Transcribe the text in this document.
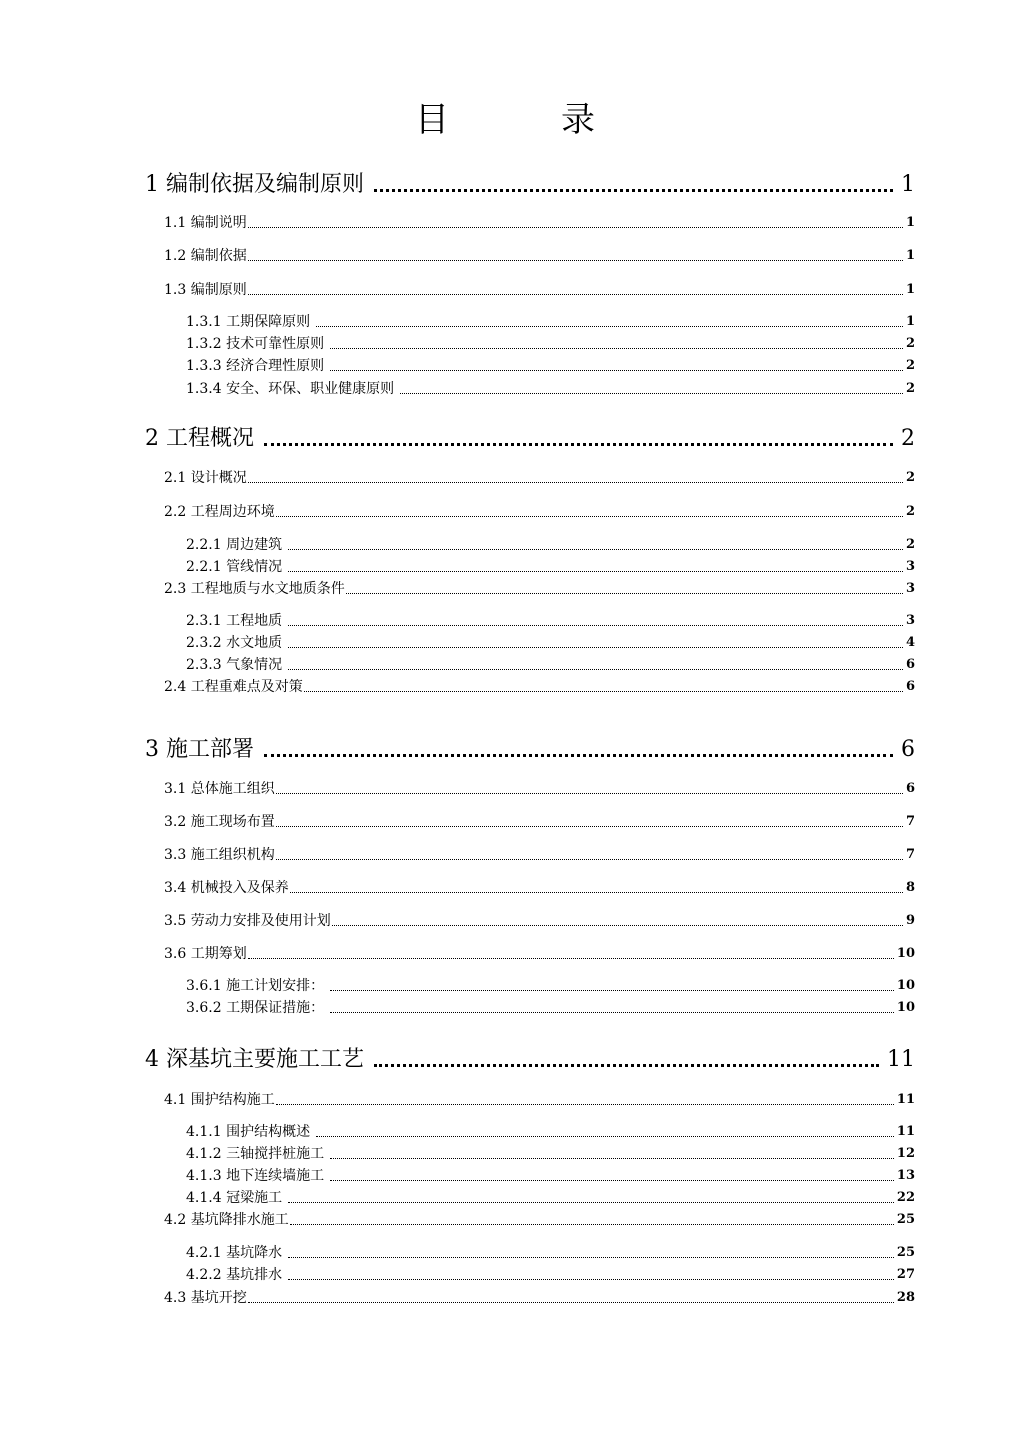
目	录
1 编制依据及编制原则	1
1.1 编制说明	1
1.2 编制依据	1
1.3 编制原则	1
1.3.1 工期保障原则	1
1.3.2 技术可靠性原则	2
1.3.3 经济合理性原则	2
1.3.4 安全、环保、职业健康原则	2
2 工程概况	2
2.1 设计概况	2
2.2 工程周边环境	2
2.2.1 周边建筑	2
2.2.1 管线情况	3
2.3 工程地质与水文地质条件	3
2.3.1 工程地质	3
2.3.2 水文地质	4
2.3.3 气象情况	6
2.4 工程重难点及对策	6
3 施工部署	6
3.1 总体施工组织	6
3.2 施工现场布置	7
3.3 施工组织机构	7
3.4 机械投入及保养	8
3.5 劳动力安排及使用计划	9
3.6 工期筹划	10
3.6.1 施工计划安排：	10
3.6.2 工期保证措施：	10
4 深基坑主要施工工艺	11
4.1 围护结构施工	11
4.1.1 围护结构概述	11
4.1.2 三轴搅拌桩施工	12
4.1.3 地下连续墙施工	13
4.1.4 冠梁施工	22
4.2 基坑降排水施工	25
4.2.1 基坑降水	25
4.2.2 基坑排水	27
4.3 基坑开挖	28
